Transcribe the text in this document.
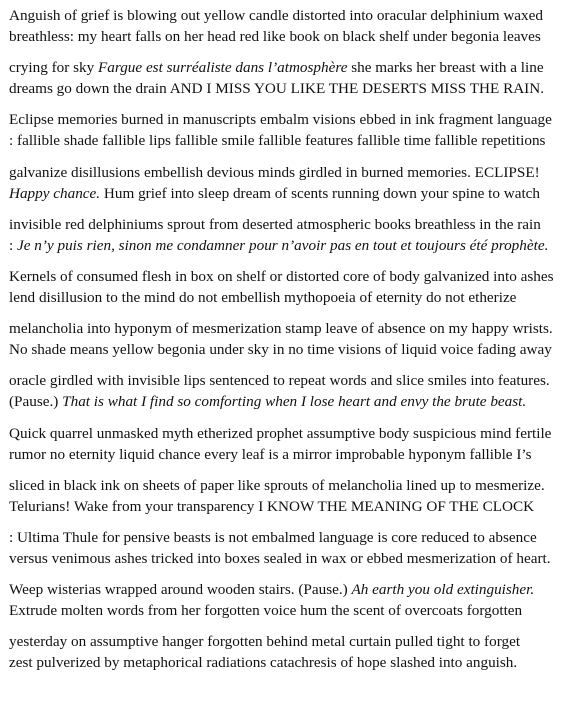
Anguish of grief is blowing out yellow candle distorted into oracular delphinium waxed
breathless: my heart falls on her head red like book on black shelf under begonia leaves
crying for sky Fargue est surréaliste dans l’atmosphère she marks her breast with a line
dreams go down the drain AND I MISS YOU LIKE THE DESERTS MISS THE RAIN.
Eclipse memories burned in manuscripts embalm visions ebbed in ink fragment language
: fallible shade fallible lips fallible smile fallible features fallible time fallible repetitions
galvanize disillusions embellish devious minds girdled in burned memories. ECLIPSE!
Happy chance. Hum grief into sleep dream of scents running down your spine to watch
invisible red delphiniums sprout from deserted atmospheric books breathless in the rain
: Je n’y puis rien, sinon me condamner pour n’avoir pas en tout et toujours été prophète.
Kernels of consumed flesh in box on shelf or distorted core of body galvanized into ashes
lend disillusion to the mind do not embellish mythopoeia of eternity do not etherize
melancholia into hyponym of mesmerization stamp leave of absence on my happy wrists.
No shade means yellow begonia under sky in no time visions of liquid voice fading away
oracle girdled with invisible lips sentenced to repeat words and slice smiles into features.
(Pause.) That is what I find so comforting when I lose heart and envy the brute beast.
Quick quarrel unmasked myth etherized prophet assumptive body suspicious mind fertile
rumor no eternity liquid chance every leaf is a mirror improbable hyponym fallible I’s
sliced in black ink on sheets of paper like sprouts of melancholia lined up to mesmerize.
Telurians! Wake from your transparency I KNOW THE MEANING OF THE CLOCK
: Ultima Thule for pensive beasts is not embalmed language is core reduced to absence
versus venimous ashes tricked into boxes sealed in wax or ebbed mesmerization of heart.
Weep wisterias wrapped around wooden stairs. (Pause.) Ah earth you old extinguisher.
Extrude molten words from her forgotten voice hum the scent of overcoats forgotten
yesterday on assumptive hanger forgotten behind metal curtain pulled tight to forget
zest pulverized by metaphorical radiations catachresis of hope slashed into anguish.
